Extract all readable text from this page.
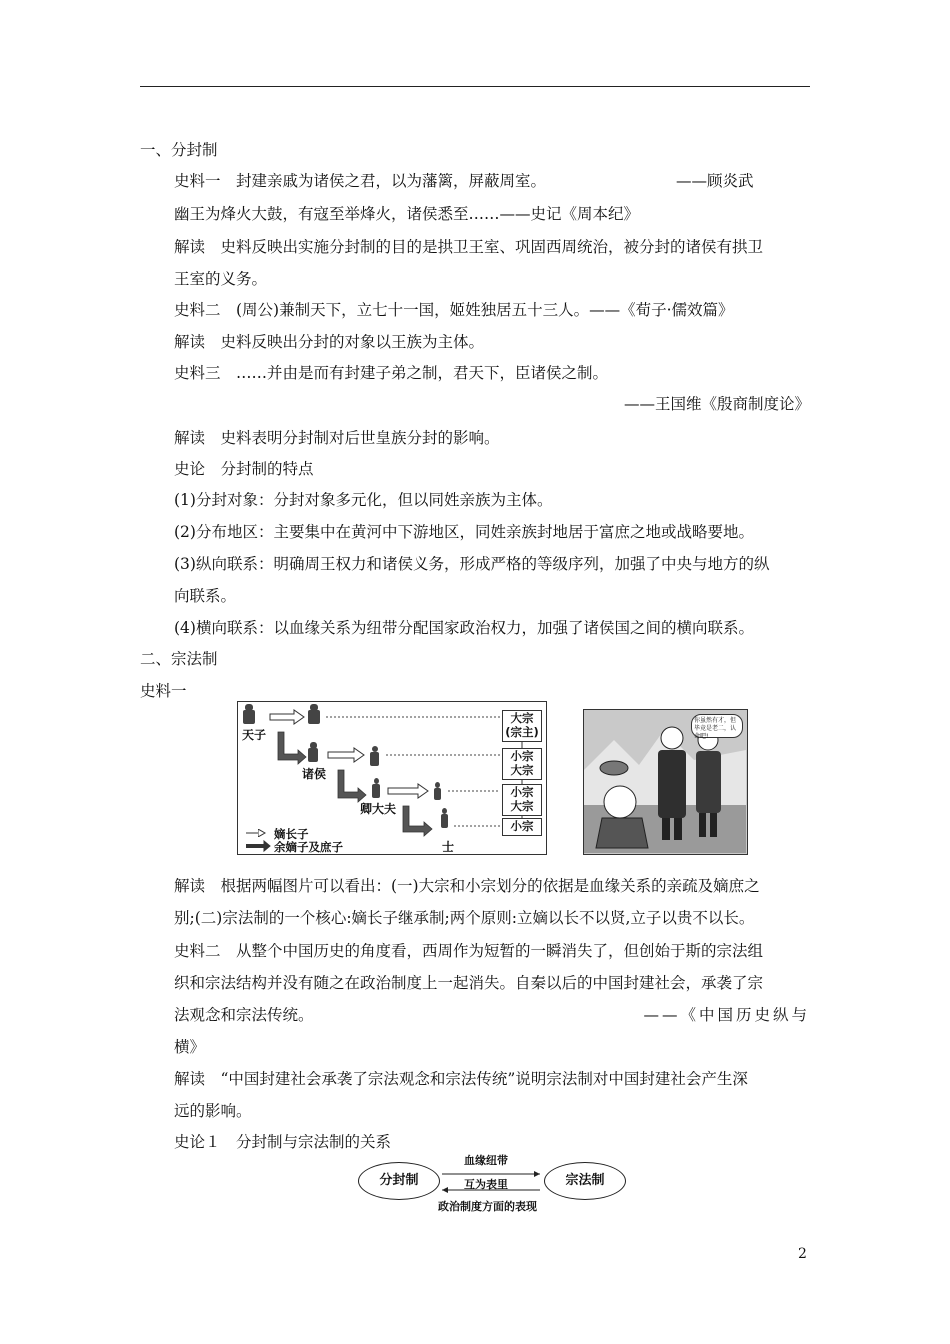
一、分封制
史料一　封建亲戚为诸侯之君，以为藩篱，屏蔽周室。	——顾炎武
幽王为烽火大鼓，有寇至举烽火，诸侯悉至……——史记《周本纪》
解读　史料反映出实施分封制的目的是拱卫王室、巩固西周统治，被分封的诸侯有拱卫
王室的义务。
史料二　(周公)兼制天下，立七十一国，姬姓独居五十三人。——《荀子·儒效篇》
解读　史料反映出分封的对象以王族为主体。
史料三　……并由是而有封建子弟之制，君天下，臣诸侯之制。
——王国维《殷商制度论》
解读　史料表明分封制对后世皇族分封的影响。
史论　分封制的特点
(1)分封对象：分封对象多元化，但以同姓亲族为主体。
(2)分布地区：主要集中在黄河中下游地区，同姓亲族封地居于富庶之地或战略要地。
(3)纵向联系：明确周王权力和诸侯义务，形成严格的等级序列，加强了中央与地方的纵
向联系。
(4)横向联系：以血缘关系为纽带分配国家政治权力，加强了诸侯国之间的横向联系。
二、宗法制
史料一
天子
诸侯
卿大夫
士
大宗
(宗主)
小宗
大宗
小宗
大宗
小宗
嫡长子
余嫡子及庶子
你虽然有才，但毕竟是老二，认命吧!
解读　根据两幅图片可以看出：(一)大宗和小宗划分的依据是血缘关系的亲疏及嫡庶之
别;(二)宗法制的一个核心:嫡长子继承制;两个原则:立嫡以长不以贤,立子以贵不以长。
史料二　从整个中国历史的角度看，西周作为短暂的一瞬消失了，但创始于斯的宗法组
织和宗法结构并没有随之在政治制度上一起消失。自秦以后的中国封建社会，承袭了宗
法观念和宗法传统。	——《中国历史纵与
横》
解读　“中国封建社会承袭了宗法观念和宗法传统”说明宗法制对中国封建社会产生深
远的影响。
史论１　分封制与宗法制的关系
分封制	宗法制
血缘纽带
互为表里
政治制度方面的表现
2
